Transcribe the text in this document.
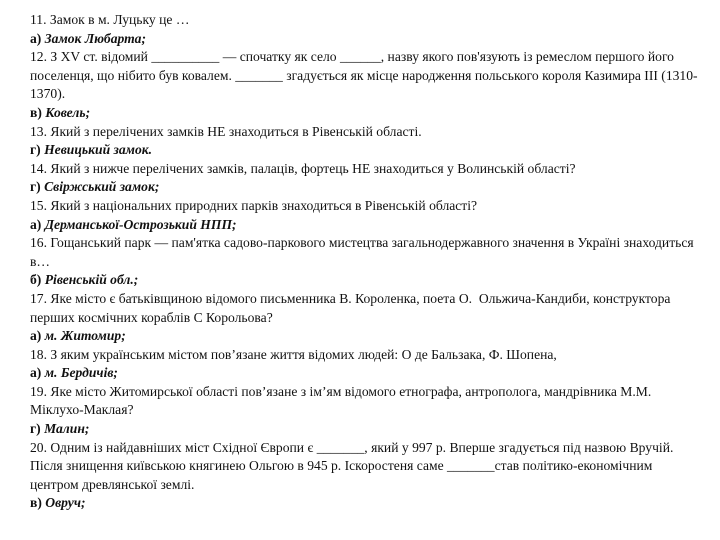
11. Замок в м. Луцьку це …

а) Замок Любарта;

12. З XV ст. відомий __________ — спочатку як село ______, назву якого пов'язують із ремеслом першого його поселенця, що нібито був ковалем. _______ згадується як місце народження польського короля Казимира III (1310-1370).

в) Ковель;

13. Який з перелічених замків НЕ знаходиться в Рівенській області.

г) Невицький замок.

14. Який з нижче перелічених замків, палаців, фортець НЕ знаходиться у Волинській області?

г) Свіржський замок;

15. Який з національних природних парків знаходиться в Рівенській області?

а) Дерманської-Острозький НПП;

16. Гощанський парк — пам'ятка садово-паркового мистецтва загальнодержавного значення в Україні знаходиться в…

б) Рівенській обл.;

17. Яке місто є батьківщиною відомого письменника В. Короленка, поета О.  Ольжича-Кандиби, конструктора перших космічних кораблів С Корольова?

а) м. Житомир;

18. З яким українським містом пов’язане життя відомих людей: О де Бальзака, Ф. Шопена,

а) м. Бердичів;

19. Яке місто Житомирської області пов’язане з ім’ям відомого етнографа, антрополога, мандрівника М.М. Міклухо-Маклая?

г) Малин;

20. Одним із найдавніших міст Східної Європи є _______, який у 997 р. Вперше згадується під назвою Вручій. Після знищення київською княгинею Ольгою в 945 р. Іскоростеня саме _______став політико-економічним центром древлянської землі.

в) Овруч;
